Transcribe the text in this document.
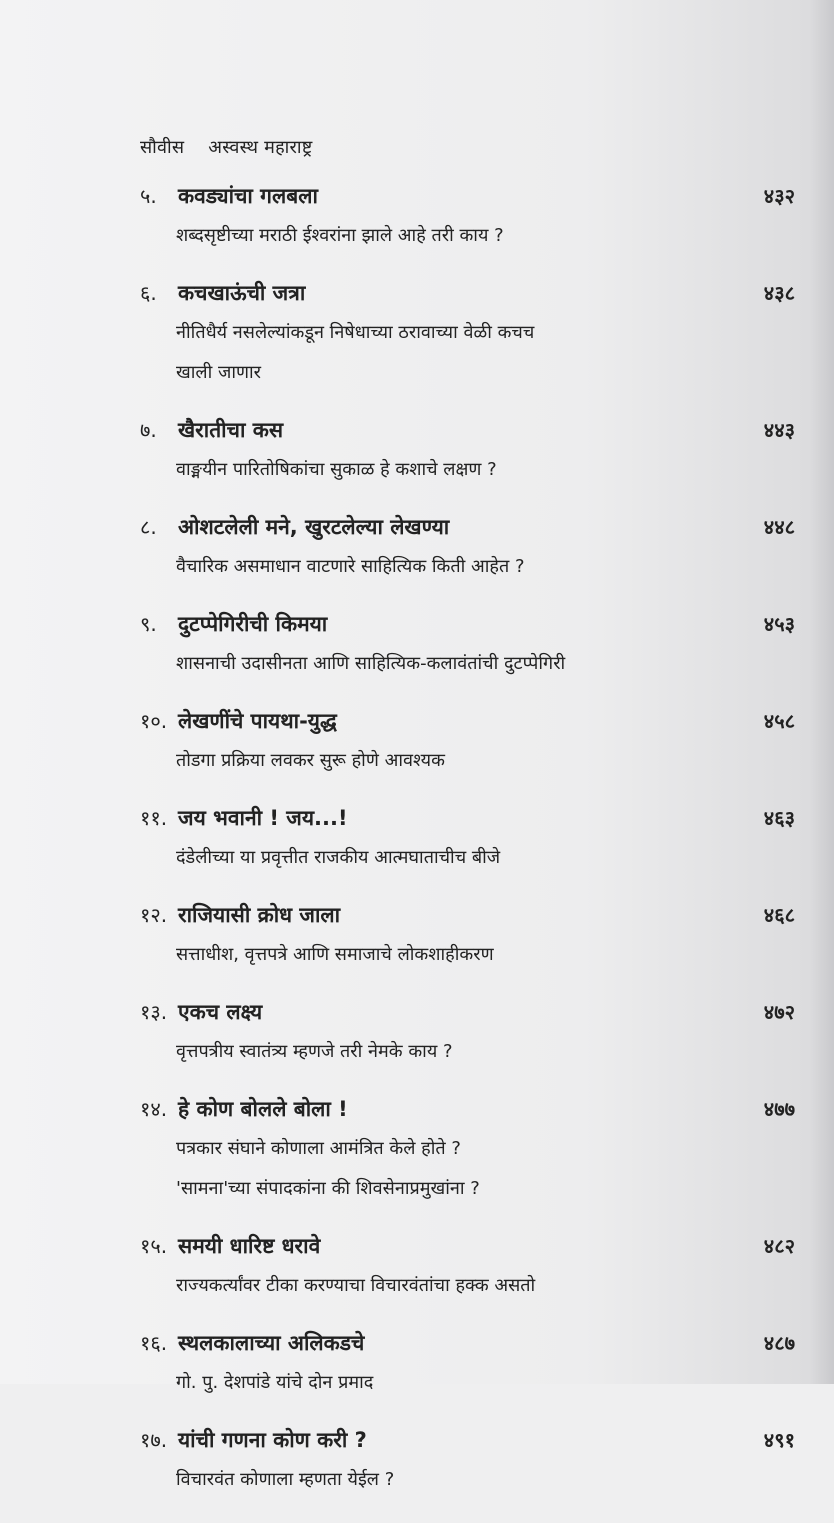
सौवीस अस्वस्थ महाराष्ट्र
५.	कवड्यांचा गलबला	४३२
शब्दसृष्टीच्या मराठी ईश्वरांना झाले आहे तरी काय ?
६.	कचखाऊंची जत्रा	४३८
नीतिधैर्य नसलेल्यांकडून निषेधाच्या ठरावाच्या वेळी कचच
खाली जाणार
७.	खैरातीचा कस	४४३
वाङ्मयीन पारितोषिकांचा सुकाळ हे कशाचे लक्षण ?
८.	ओशटलेली मने, खुरटलेल्या लेखण्या	४४८
वैचारिक असमाधान वाटणारे साहित्यिक किती आहेत ?
९.	दुटप्पेगिरीची किमया	४५३
शासनाची उदासीनता आणि साहित्यिक-कलावंतांची दुटप्पेगिरी
१०. लेखणींचे पायथा-युद्ध	४५८
तोडगा प्रक्रिया लवकर सुरू होणे आवश्यक
११. जय भवानी ! जय...!	४६३
दंडेलीच्या या प्रवृत्तीत राजकीय आत्मघाताचीच बीजे
१२. राजियासी क्रोध जाला	४६८
सत्ताधीश, वृत्तपत्रे आणि समाजाचे लोकशाहीकरण
१३. एकच लक्ष्य	४७२
वृत्तपत्रीय स्वातंत्र्य म्हणजे तरी नेमके काय ?
१४. हे कोण बोलले बोला !	४७७
पत्रकार संघाने कोणाला आमंत्रित केले होते ?
'सामना'च्या संपादकांना की शिवसेनाप्रमुखांना ?
१५. समयी धारिष्ट धरावे	४८२
राज्यकर्त्यांवर टीका करण्याचा विचारवंतांचा हक्क असतो
१६. स्थलकालाच्या अलिकडचे	४८७
गो. पु. देशपांडे यांचे दोन प्रमाद
१७. यांची गणना कोण करी ?	४९१
विचारवंत कोणाला म्हणता येईल ?
